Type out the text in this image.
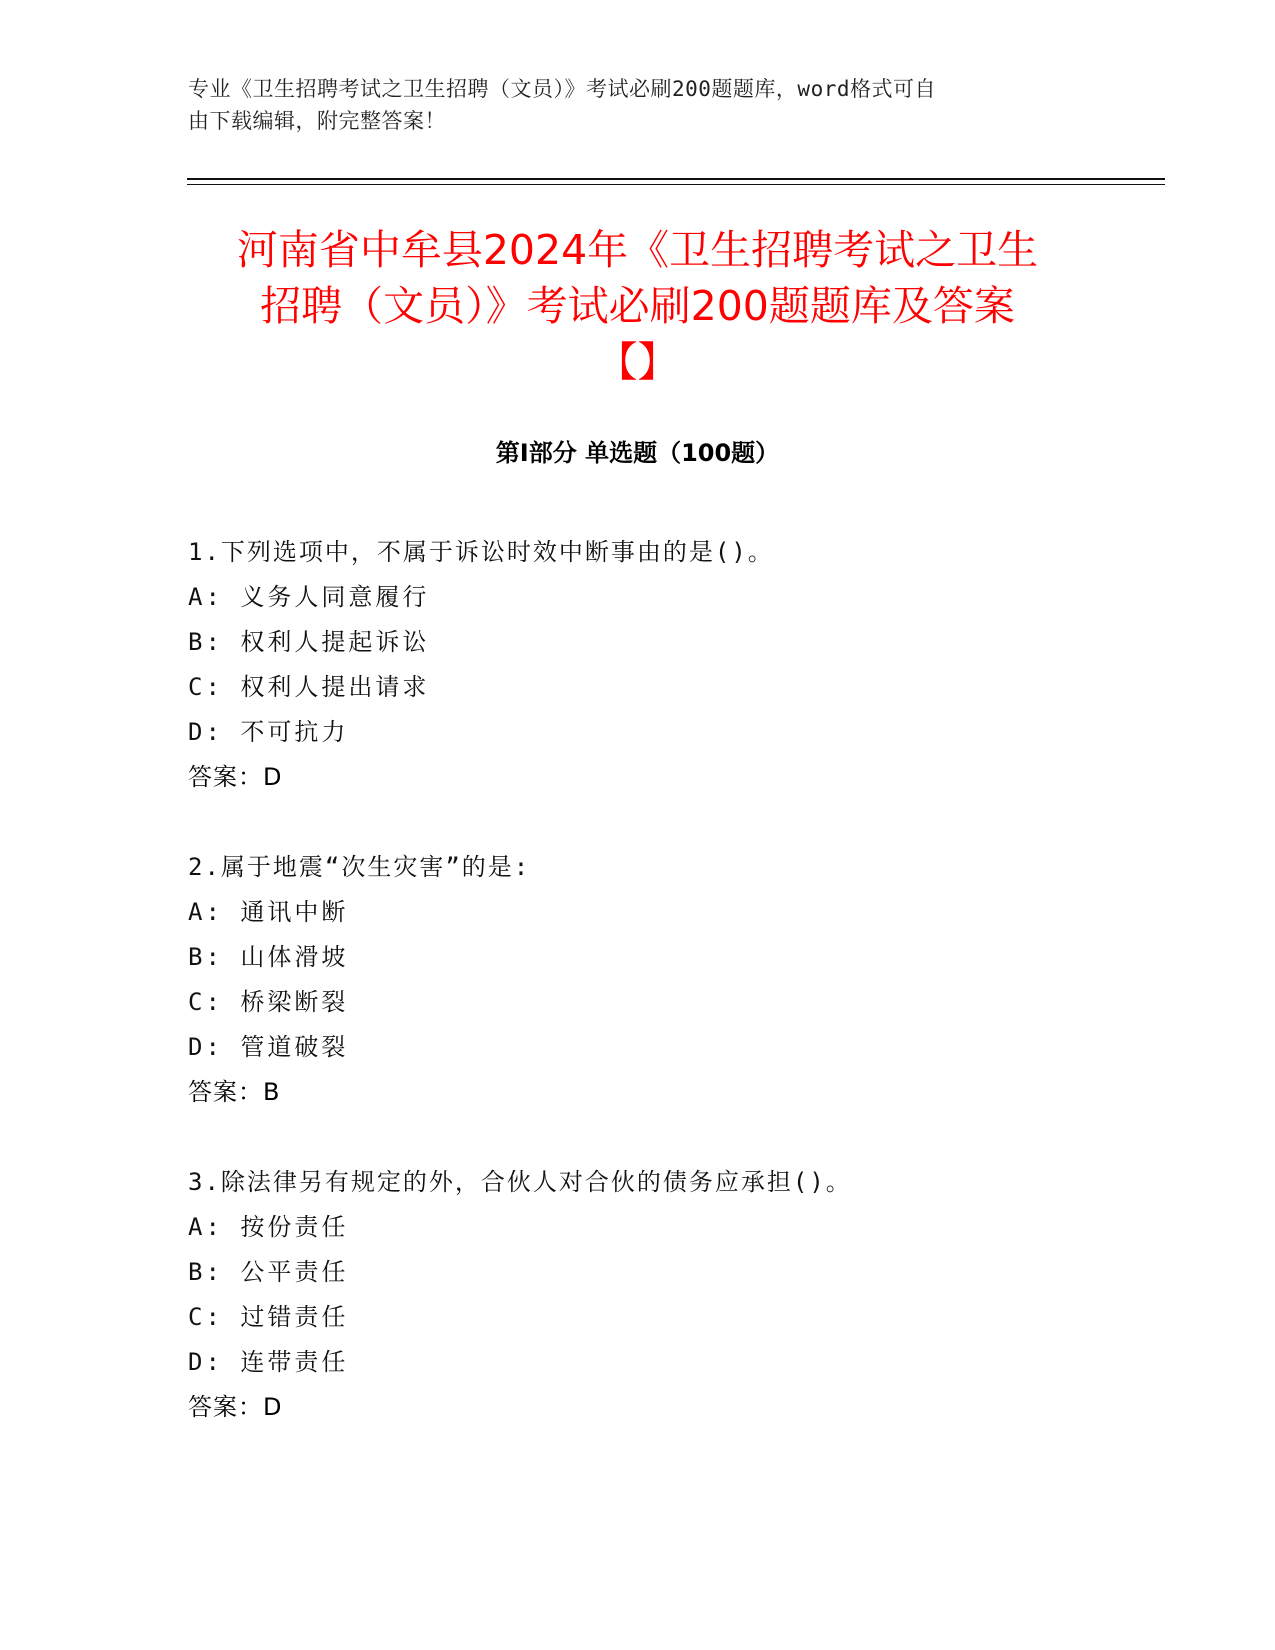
专业《卫生招聘考试之卫生招聘（文员）》考试必刷200题题库，word格式可自
由下载编辑，附完整答案！
河南省中牟县2024年《卫生招聘考试之卫生
招聘（文员）》考试必刷200题题库及答案
【】
第Ⅰ部分 单选题（100题）
1.下列选项中，不属于诉讼时效中断事由的是()。
A: 义务人同意履行
B: 权利人提起诉讼
C: 权利人提出请求
D: 不可抗力
答案：D
2.属于地震“次生灾害”的是:
A: 通讯中断
B: 山体滑坡
C: 桥梁断裂
D: 管道破裂
答案：B
3.除法律另有规定的外，合伙人对合伙的债务应承担()。
A: 按份责任
B: 公平责任
C: 过错责任
D: 连带责任
答案：D
